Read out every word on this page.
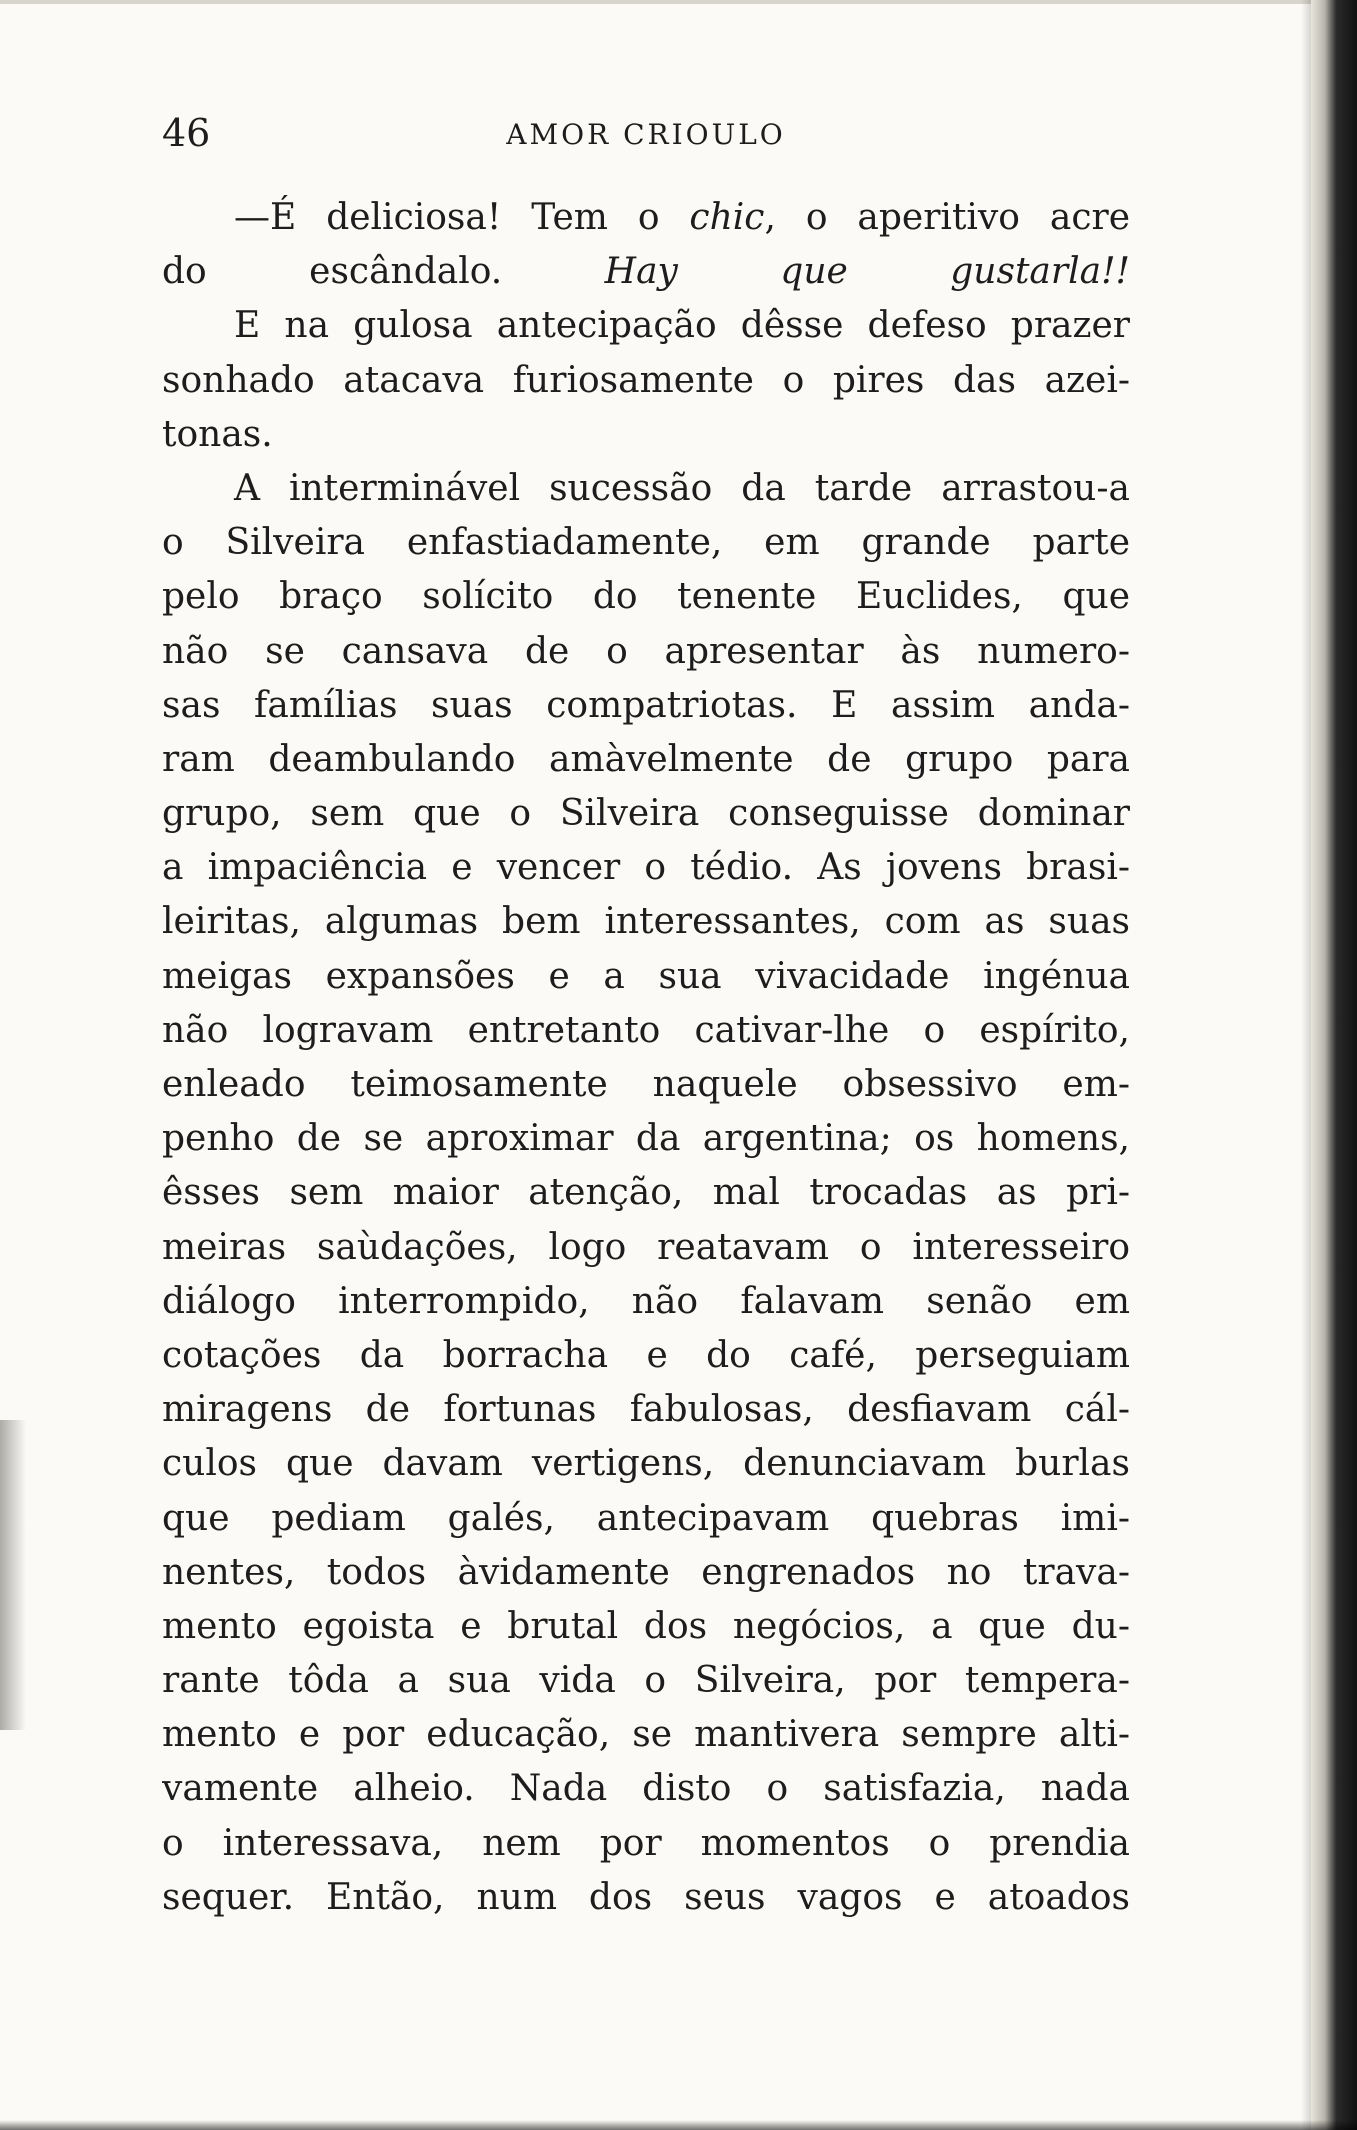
46	AMOR CRIOULO
—É deliciosa! Tem o chic, o aperitivo acre
do escândalo. Hay que gustarla!!
E na gulosa antecipação dêsse defeso prazer
sonhado atacava furiosamente o pires das azei-
tonas.
A interminável sucessão da tarde arrastou-a
o Silveira enfastiadamente, em grande parte
pelo braço solícito do tenente Euclides, que
não se cansava de o apresentar às numero-
sas famílias suas compatriotas. E assim anda-
ram deambulando amàvelmente de grupo para
grupo, sem que o Silveira conseguisse dominar
a impaciência e vencer o tédio. As jovens brasi-
leiritas, algumas bem interessantes, com as suas
meigas expansões e a sua vivacidade ingénua
não logravam entretanto cativar-lhe o espírito,
enleado teimosamente naquele obsessivo em-
penho de se aproximar da argentina; os homens,
êsses sem maior atenção, mal trocadas as pri-
meiras saùdações, logo reatavam o interesseiro
diálogo interrompido, não falavam senão em
cotações da borracha e do café, perseguiam
miragens de fortunas fabulosas, desfiavam cál-
culos que davam vertigens, denunciavam burlas
que pediam galés, antecipavam quebras imi-
nentes, todos àvidamente engrenados no trava-
mento egoista e brutal dos negócios, a que du-
rante tôda a sua vida o Silveira, por tempera-
mento e por educação, se mantivera sempre alti-
vamente alheio. Nada disto o satisfazia, nada
o interessava, nem por momentos o prendia
sequer. Então, num dos seus vagos e atoados
